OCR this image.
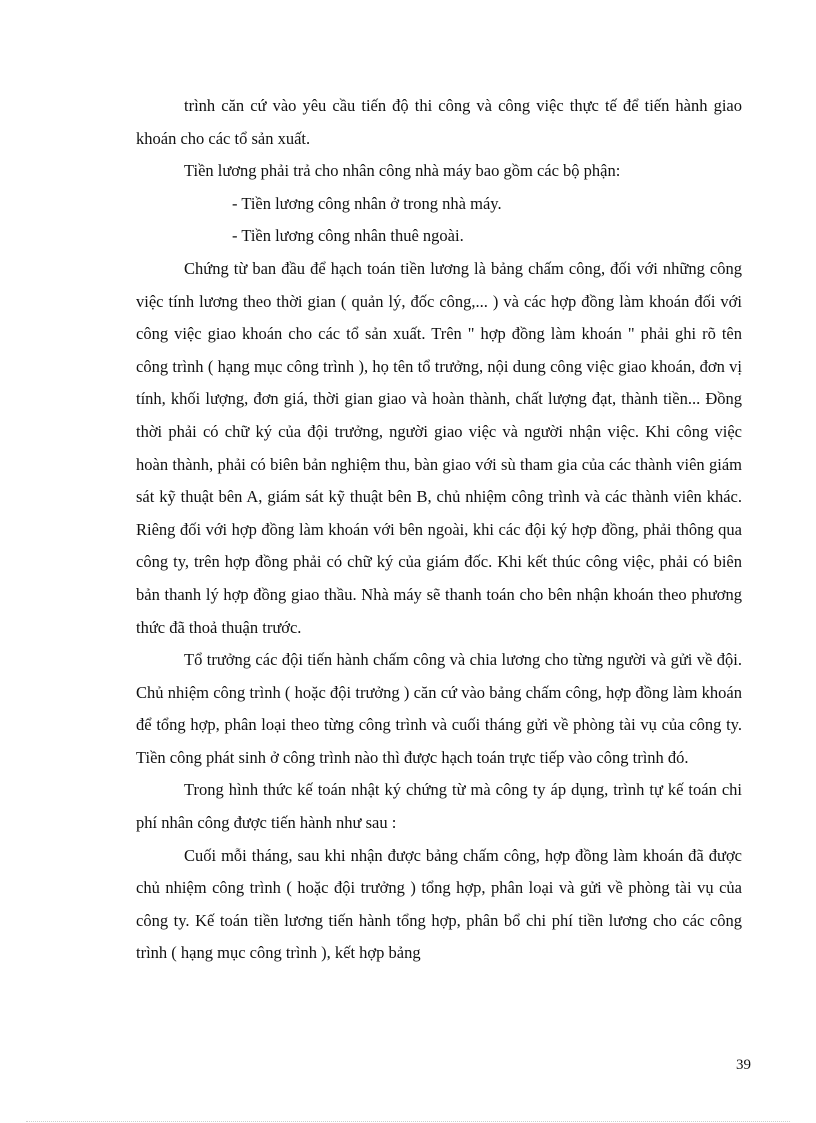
trình căn cứ vào yêu cầu tiến độ thi công và công việc thực tế để tiến hành giao khoán cho các tổ sản xuất.

Tiền lương phải trả cho nhân công nhà máy bao gồm các bộ phận:

- Tiền lương công nhân ở trong nhà máy.

- Tiền lương công nhân thuê ngoài.

Chứng từ ban đầu để hạch toán tiền lương là bảng chấm công, đối với những công việc tính lương theo thời gian ( quản lý, đốc công,... ) và các hợp đồng làm khoán đối với công việc giao khoán cho các tổ sản xuất. Trên " hợp đồng làm khoán " phải ghi rõ tên công trình ( hạng mục công trình ), họ tên tổ trưởng, nội dung công việc giao khoán, đơn vị tính, khối lượng, đơn giá, thời gian giao và hoàn thành, chất lượng đạt, thành tiền... Đồng thời phải có chữ ký của đội trưởng, người giao việc và người nhận việc. Khi công việc hoàn thành, phải có biên bản nghiệm thu, bàn giao với sù tham gia của các thành viên giám sát kỹ thuật bên A, giám sát kỹ thuật bên B, chủ nhiệm công trình và các thành viên khác. Riêng đối với hợp đồng làm khoán với bên ngoài, khi các đội ký hợp đồng, phải thông qua công ty, trên hợp đồng phải có chữ ký của giám đốc. Khi kết thúc công việc, phải có biên bản thanh lý hợp đồng giao thầu. Nhà máy sẽ thanh toán cho bên nhận khoán theo phương thức đã thoả thuận trước.

Tổ trưởng các đội tiến hành chấm công và chia lương cho từng người và gửi về đội. Chủ nhiệm công trình ( hoặc đội trưởng ) căn cứ vào bảng chấm công, hợp đồng làm khoán để tổng hợp, phân loại theo từng công trình và cuối tháng gửi về phòng tài vụ của công ty. Tiền công phát sinh ở công trình nào thì được hạch toán trực tiếp vào công trình đó.

Trong hình thức kế toán nhật ký chứng từ mà công ty áp dụng, trình tự kế toán chi phí nhân công được tiến hành như sau :

Cuối mỗi tháng, sau khi nhận được bảng chấm công, hợp đồng làm khoán đã được chủ nhiệm công trình ( hoặc đội trưởng ) tổng hợp, phân loại và gửi về phòng tài vụ của công ty. Kế toán tiền lương tiến hành tổng hợp, phân bổ chi phí tiền lương cho các công trình ( hạng mục công trình ), kết hợp bảng

39
